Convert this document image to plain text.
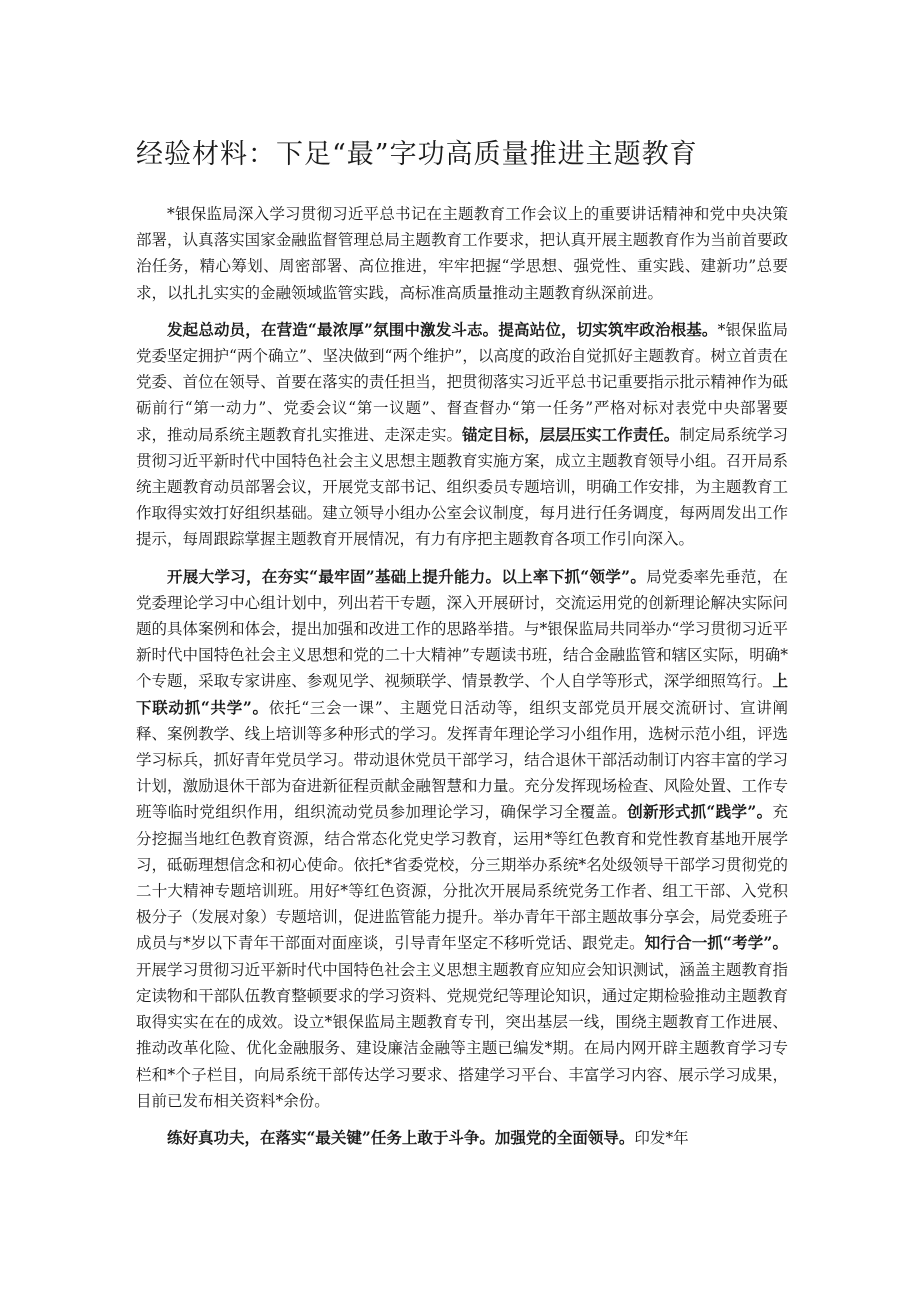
经验材料：下足“最”字功高质量推进主题教育

*银保监局深入学习贯彻习近平总书记在主题教育工作会议上的重要讲话精神和党中央决策部署，认真落实国家金融监督管理总局主题教育工作要求，把认真开展主题教育作为当前首要政治任务，精心筹划、周密部署、高位推进，牢牢把握“学思想、强党性、重实践、建新功”总要求，以扎扎实实的金融领域监管实践，高标准高质量推动主题教育纵深前进。

发起总动员，在营造“最浓厚”氛围中激发斗志。提高站位，切实筑牢政治根基。*银保监局党委坚定拥护“两个确立”、坚决做到“两个维护”，以高度的政治自觉抓好主题教育。树立首责在党委、首位在领导、首要在落实的责任担当，把贯彻落实习近平总书记重要指示批示精神作为砥砺前行“第一动力”、党委会议“第一议题”、督查督办“第一任务”严格对标对表党中央部署要求，推动局系统主题教育扎实推进、走深走实。锚定目标，层层压实工作责任。制定局系统学习贯彻习近平新时代中国特色社会主义思想主题教育实施方案，成立主题教育领导小组。召开局系统主题教育动员部署会议，开展党支部书记、组织委员专题培训，明确工作安排，为主题教育工作取得实效打好组织基础。建立领导小组办公室会议制度，每月进行任务调度，每两周发出工作提示，每周跟踪掌握主题教育开展情况，有力有序把主题教育各项工作引向深入。

开展大学习，在夯实“最牢固”基础上提升能力。以上率下抓“领学”。局党委率先垂范，在党委理论学习中心组计划中，列出若干专题，深入开展研讨，交流运用党的创新理论解决实际问题的具体案例和体会，提出加强和改进工作的思路举措。与*银保监局共同举办“学习贯彻习近平新时代中国特色社会主义思想和党的二十大精神”专题读书班，结合金融监管和辖区实际，明确*个专题，采取专家讲座、参观见学、视频联学、情景教学、个人自学等形式，深学细照笃行。上下联动抓“共学”。依托“三会一课”、主题党日活动等，组织支部党员开展交流研讨、宣讲阐释、案例教学、线上培训等多种形式的学习。发挥青年理论学习小组作用，选树示范小组，评选学习标兵，抓好青年党员学习。带动退休党员干部学习，结合退休干部活动制订内容丰富的学习计划，激励退休干部为奋进新征程贡献金融智慧和力量。充分发挥现场检查、风险处置、工作专班等临时党组织作用，组织流动党员参加理论学习，确保学习全覆盖。创新形式抓“践学”。充分挖掘当地红色教育资源，结合常态化党史学习教育，运用*等红色教育和党性教育基地开展学习，砥砺理想信念和初心使命。依托*省委党校，分三期举办系统*名处级领导干部学习贯彻党的二十大精神专题培训班。用好*等红色资源，分批次开展局系统党务工作者、组工干部、入党积极分子（发展对象）专题培训，促进监管能力提升。举办青年干部主题故事分享会，局党委班子成员与*岁以下青年干部面对面座谈，引导青年坚定不移听党话、跟党走。知行合一抓“考学”。开展学习贯彻习近平新时代中国特色社会主义思想主题教育应知应会知识测试，涵盖主题教育指定读物和干部队伍教育整顿要求的学习资料、党规党纪等理论知识，通过定期检验推动主题教育取得实实在在的成效。设立*银保监局主题教育专刊，突出基层一线，围绕主题教育工作进展、推动改革化险、优化金融服务、建设廉洁金融等主题已编发*期。在局内网开辟主题教育学习专栏和*个子栏目，向局系统干部传达学习要求、搭建学习平台、丰富学习内容、展示学习成果，目前已发布相关资料*余份。

练好真功夫，在落实“最关键”任务上敢于斗争。加强党的全面领导。印发*年
